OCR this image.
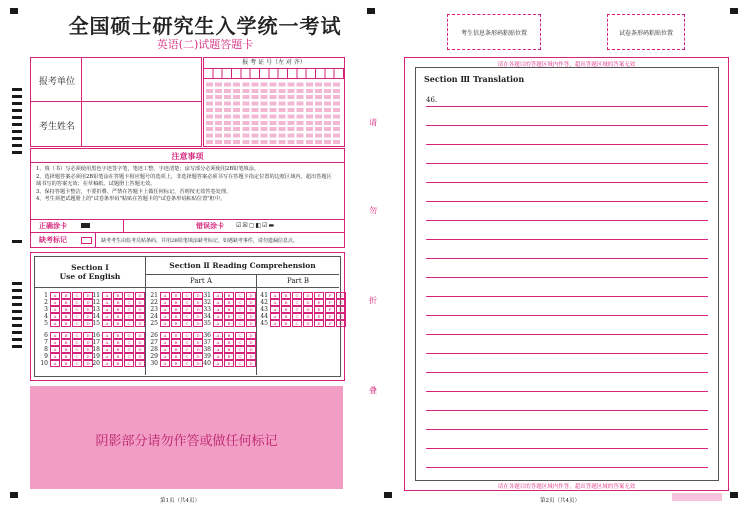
全国硕士研究生入学统一考试
英语(二)试题答题卡
报考单位
考生姓名
报 考 证 号（左 对 齐）
注意事项
1、填（书）写必须使用黑色字迹签字笔，笔迹工整、字迹清楚；涂写部分必须使用2B铅笔填涂。
2、选择题答案必须用2B铅笔涂在答题卡相应题号的选项上，非选择题答案必须书写在答题卡指定位置的边框区域内，超出答题区域书写的答案无效；在草稿纸、试题册上答题无效。
3、保持答题卡整洁，不要折叠、严禁在答题卡上做任何标记，否则按无效答卷处理。
4、考生须把试题册上的"试卷条形码"粘贴在答题卡的"试卷条形码粘贴位置"框中。
正确涂卡	错误涂卡 ☑☒▢◧☑▬
缺考标记	缺考考生由监考员贴条码，并用2B铅笔填涂缺考标记。如遇缺考事件，请勿遗漏信息点。
Section Ⅰ
Use of English
Section Ⅱ Reading Comprehension
Part A	Part B
1 A B C D
2 A B C D
3 A B C D
4 A B C D
5 A B C D
6 A B C D
7 A B C D
8 A B C D
9 A B C D
10 A B C D
11 A B C D
12 A B C D
13 A B C D
14 A B C D
15 A B C D
16 A B C D
17 A B C D
18 A B C D
19 A B C D
20 A B C D
21 A B C D
22 A B C D
23 A B C D
24 A B C D
25 A B C D
26 A B C D
27 A B C D
28 A B C D
29 A B C D
30 A B C D
31 A B C D
32 A B C D
33 A B C D
34 A B C D
35 A B C D
36 A B C D
37 A B C D
38 A B C D
39 A B C D
40 A B C D
41 A B C D E F G
42 A B C D E F G
43 A B C D E F G
44 A B C D E F G
45 A B C D E F G
阴影部分请勿作答或做任何标记
第1页（共4页）
请
勿
折
叠
考生信息条形码粘贴位置	试卷条形码粘贴位置
请在各题目的答题区域内作答，超出答题区域的答案无效
Section Ⅲ Translation
46.
请在各题目的答题区域内作答，超出答题区域的答案无效
第2页（共4页）
